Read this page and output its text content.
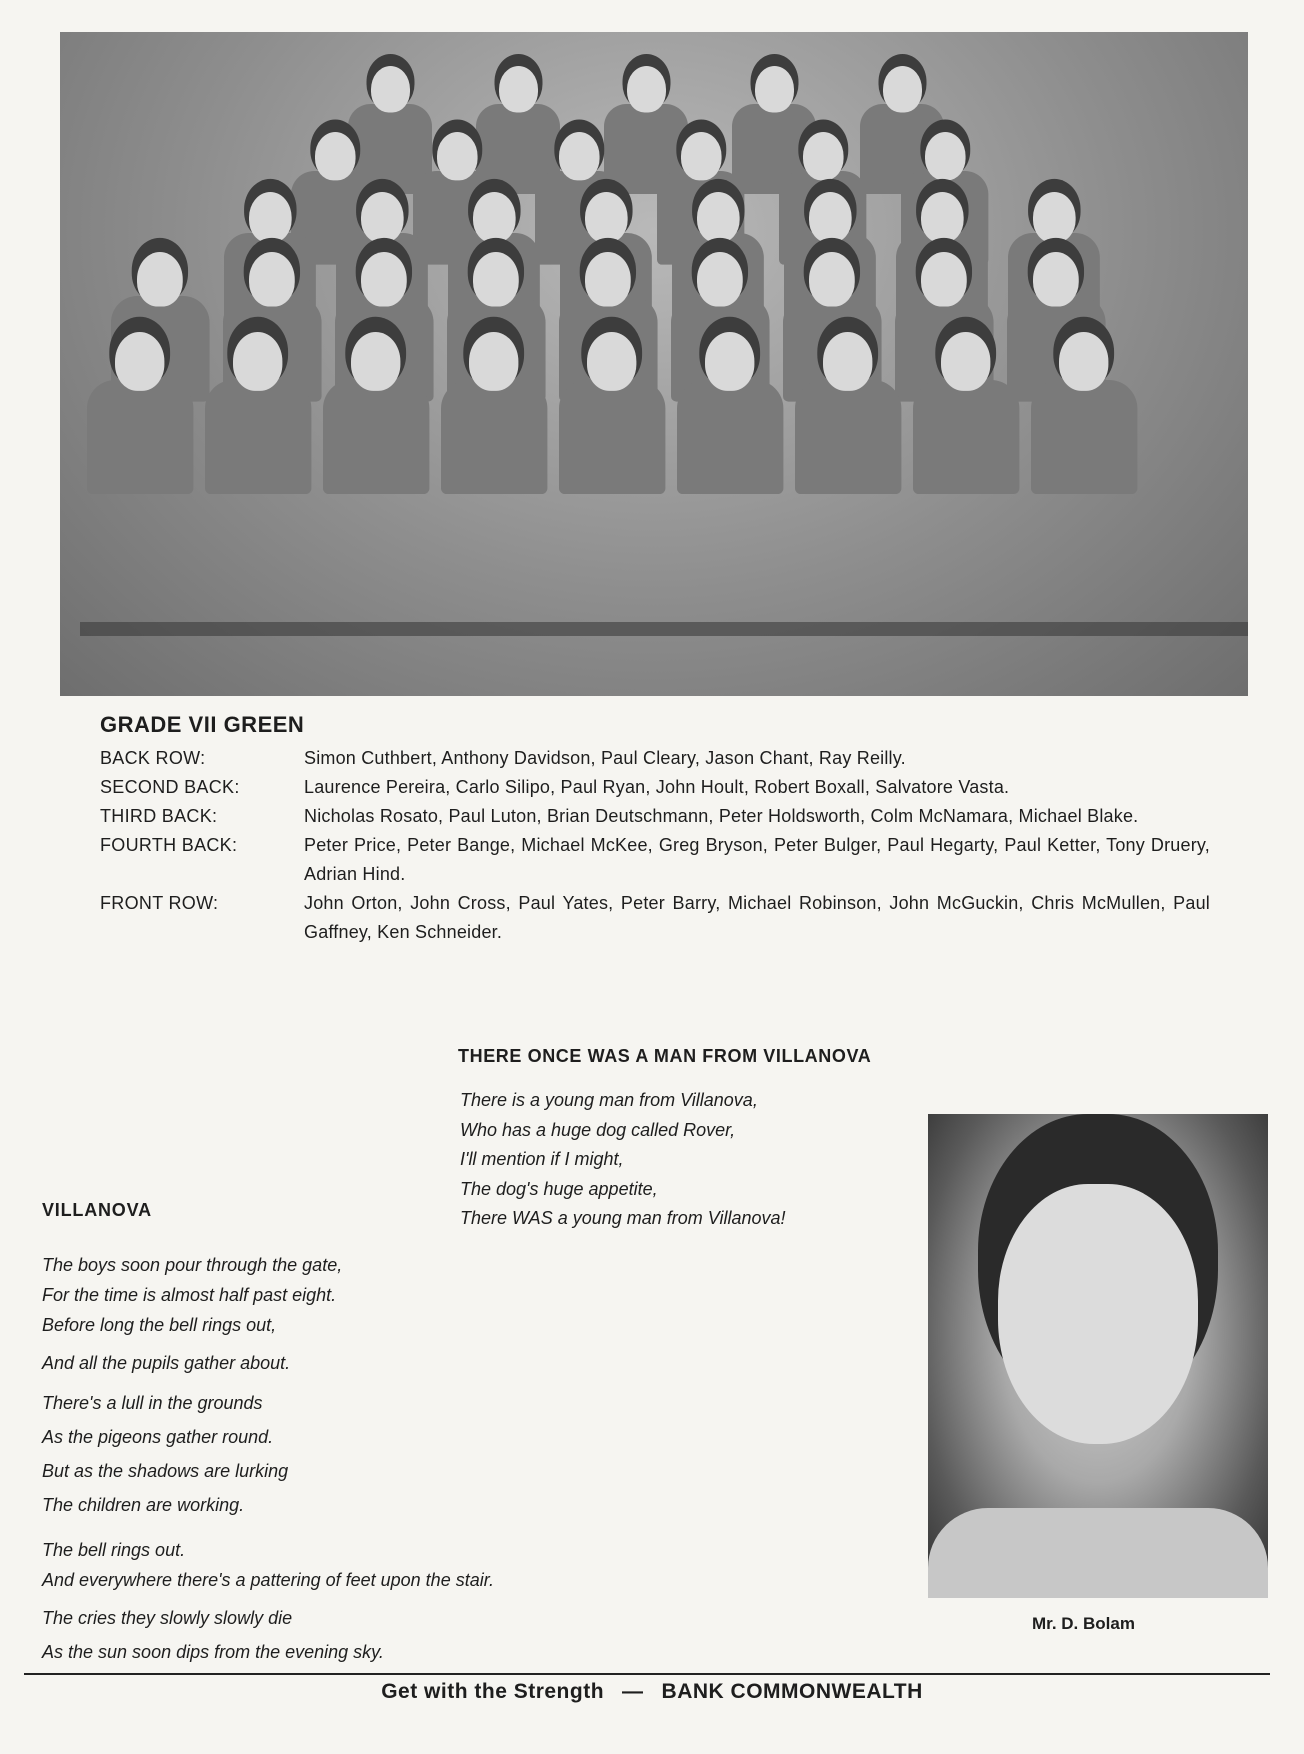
GRADE VII GREEN
BACK ROW:	Simon Cuthbert, Anthony Davidson, Paul Cleary, Jason Chant, Ray Reilly.
SECOND BACK:	Laurence Pereira, Carlo Silipo, Paul Ryan, John Hoult, Robert Boxall, Salvatore Vasta.
THIRD BACK:	Nicholas Rosato, Paul Luton, Brian Deutschmann, Peter Holdsworth, Colm McNamara, Michael Blake.
FOURTH BACK:	Peter Price, Peter Bange, Michael McKee, Greg Bryson, Peter Bulger, Paul Hegarty, Paul Ketter, Tony Druery, Adrian Hind.
FRONT ROW:	John Orton, John Cross, Paul Yates, Peter Barry, Michael Robinson, John McGuckin, Chris McMullen, Paul Gaffney, Ken Schneider.
THERE ONCE WAS A MAN FROM VILLANOVA
There is a young man from Villanova,
Who has a huge dog called Rover,
I'll mention if I might,
The dog's huge appetite,
There WAS a young man from Villanova!
VILLANOVA
The boys soon pour through the gate,
For the time is almost half past eight.
Before long the bell rings out,
And all the pupils gather about.
There's a lull in the grounds
As the pigeons gather round.
But as the shadows are lurking
The children are working.
The bell rings out.
And everywhere there's a pattering of feet upon the stair.
The cries they slowly slowly die
As the sun soon dips from the evening sky.
Mr. D. Bolam
Get with the Strength — BANK COMMONWEALTH
